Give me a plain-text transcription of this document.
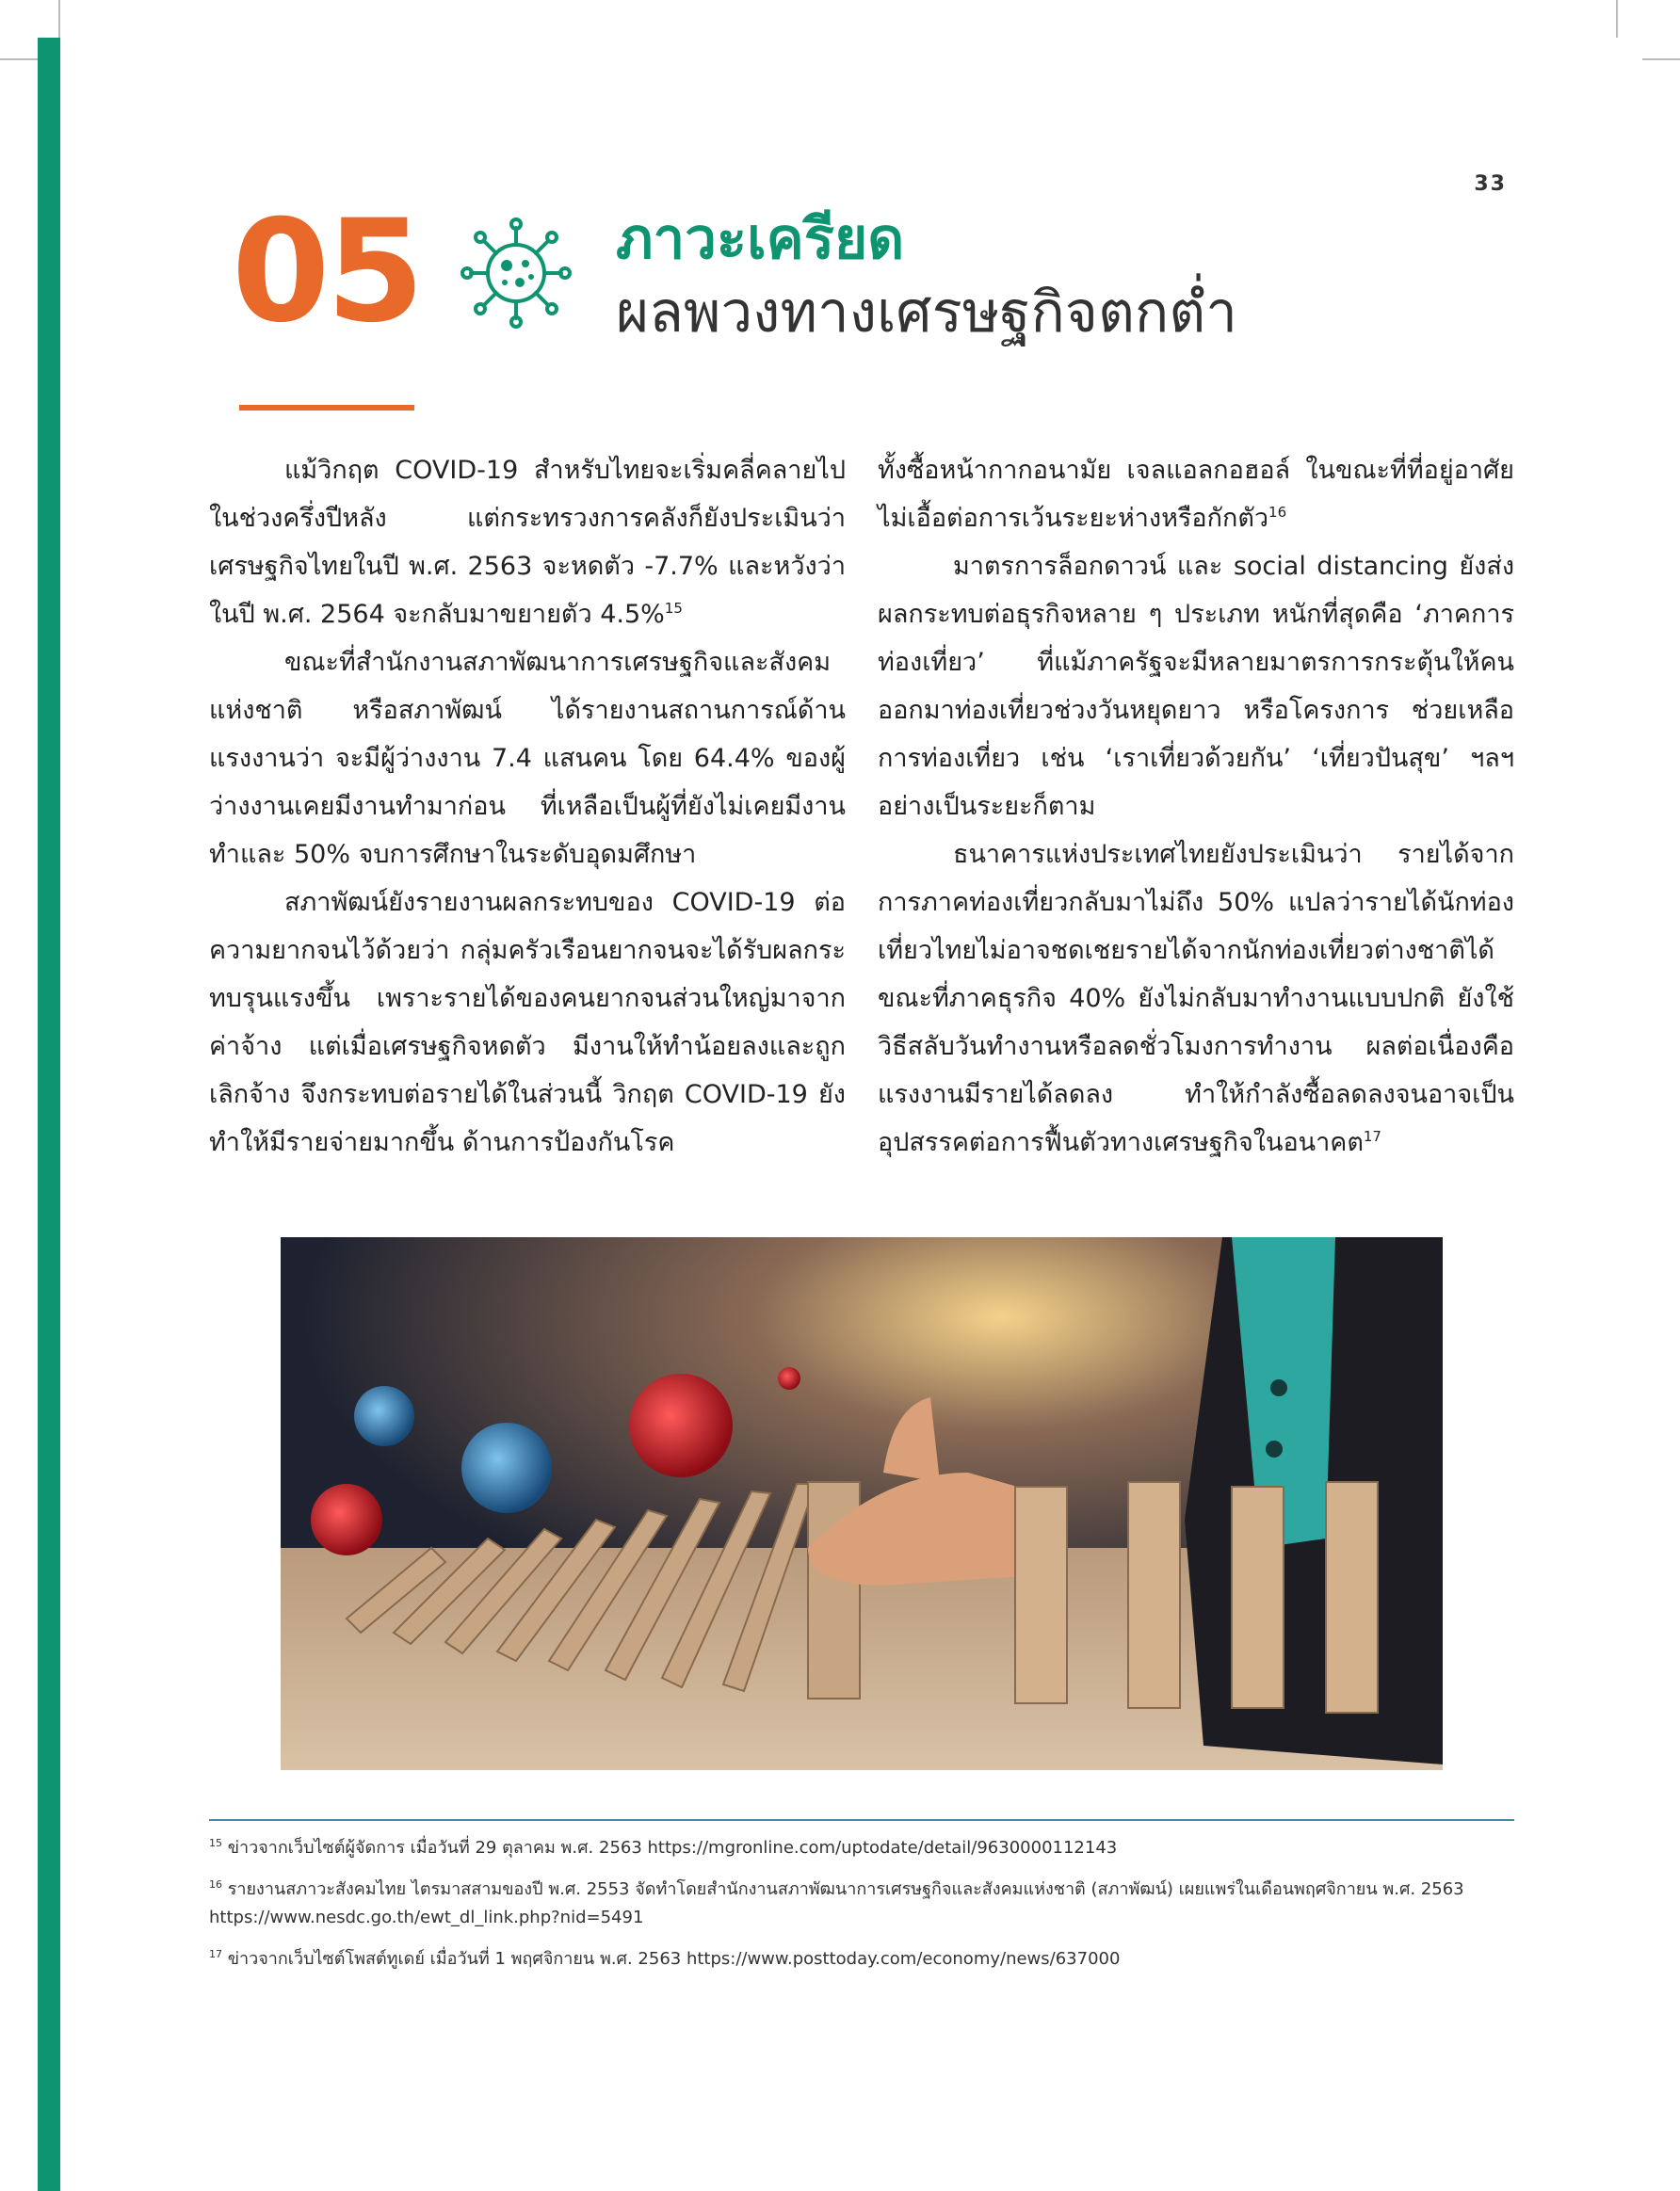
33
05	ภาวะเครียด
ผลพวงทางเศรษฐกิจตกต่ำ

แม้วิกฤต COVID-19 สำหรับไทยจะเริ่มคลี่คลายไปในช่วงครึ่งปีหลัง แต่กระทรวงการคลังก็ยังประเมินว่าเศรษฐกิจไทยในปี พ.ศ. 2563 จะหดตัว -7.7% และหวังว่าในปี พ.ศ. 2564 จะกลับมาขยายตัว 4.5%$^{15}$

ขณะที่สำนักงานสภาพัฒนาการเศรษฐกิจและสังคมแห่งชาติ หรือสภาพัฒน์ ได้รายงานสถานการณ์ด้านแรงงานว่า จะมีผู้ว่างงาน 7.4 แสนคน โดย 64.4% ของผู้ว่างงานเคยมีงานทำมาก่อน ที่เหลือเป็นผู้ที่ยังไม่เคยมีงานทำและ 50% จบการศึกษาในระดับอุดมศึกษา

สภาพัฒน์ยังรายงานผลกระทบของ COVID-19 ต่อความยากจนไว้ด้วยว่า กลุ่มครัวเรือนยากจนจะได้รับผลกระทบรุนแรงขึ้น เพราะรายได้ของคนยากจนส่วนใหญ่มาจากค่าจ้าง แต่เมื่อเศรษฐกิจหดตัว มีงานให้ทำน้อยลงและถูกเลิกจ้าง จึงกระทบต่อรายได้ในส่วนนี้ วิกฤต COVID-19 ยังทำให้มีรายจ่ายมากขึ้น ด้านการป้องกันโรค

ทั้งซื้อหน้ากากอนามัย เจลแอลกอฮอล์ ในขณะที่ที่อยู่อาศัยไม่เอื้อต่อการเว้นระยะห่างหรือกักตัว$^{16}$

มาตรการล็อกดาวน์ และ social distancing ยังส่งผลกระทบต่อธุรกิจหลาย ๆ ประเภท หนักที่สุดคือ ‘ภาคการท่องเที่ยว’ ที่แม้ภาครัฐจะมีหลายมาตรการกระตุ้นให้คนออกมาท่องเที่ยวช่วงวันหยุดยาว หรือโครงการ ช่วยเหลือการท่องเที่ยว เช่น ‘เราเที่ยวด้วยกัน’ ‘เที่ยวปันสุข’ ฯลฯ อย่างเป็นระยะก็ตาม

ธนาคารแห่งประเทศไทยยังประเมินว่า รายได้จากการภาคท่องเที่ยวกลับมาไม่ถึง 50% แปลว่ารายได้นักท่องเที่ยวไทยไม่อาจชดเชยรายได้จากนักท่องเที่ยวต่างชาติได้ ขณะที่ภาคธุรกิจ 40% ยังไม่กลับมาทำงานแบบปกติ ยังใช้วิธีสลับวันทำงานหรือลดชั่วโมงการทำงาน ผลต่อเนื่องคือแรงงานมีรายได้ลดลง ทำให้กำลังซื้อลดลงจนอาจเป็นอุปสรรคต่อการฟื้นตัวทางเศรษฐกิจในอนาคต$^{17}$

$^{15}$ ข่าวจากเว็บไซต์ผู้จัดการ เมื่อวันที่ 29 ตุลาคม พ.ศ. 2563 https://mgronline.com/uptodate/detail/9630000112143

$^{16}$ รายงานสภาวะสังคมไทย ไตรมาสสามของปี พ.ศ. 2553 จัดทำโดยสำนักงานสภาพัฒนาการเศรษฐกิจและสังคมแห่งชาติ (สภาพัฒน์) เผยแพร่ในเดือนพฤศจิกายน พ.ศ. 2563 https://www.nesdc.go.th/ewt_dl_link.php?nid=5491

$^{17}$ ข่าวจากเว็บไซต์โพสต์ทูเดย์ เมื่อวันที่ 1 พฤศจิกายน พ.ศ. 2563 https://www.posttoday.com/economy/news/637000
